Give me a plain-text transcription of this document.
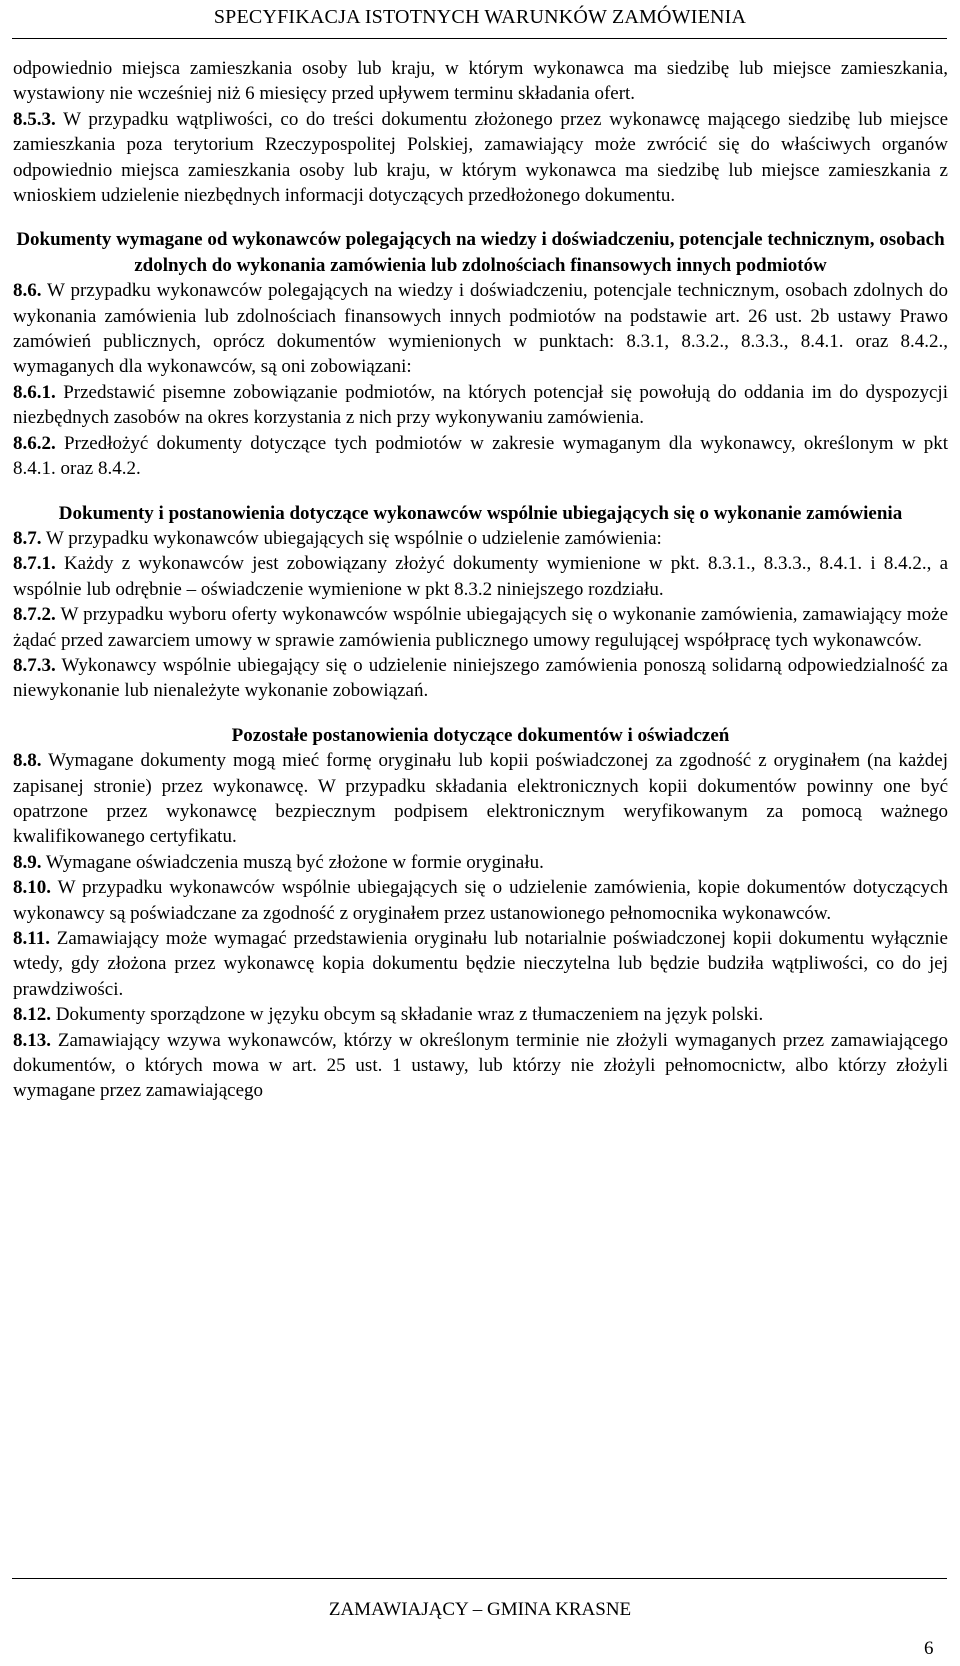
SPECYFIKACJA ISTOTNYCH WARUNKÓW ZAMÓWIENIA

odpowiednio miejsca zamieszkania osoby lub kraju, w którym wykonawca ma siedzibę lub miejsce zamieszkania, wystawiony nie wcześniej niż 6 miesięcy przed upływem terminu składania ofert.

8.5.3. W przypadku wątpliwości, co do treści dokumentu złożonego przez wykonawcę mającego siedzibę lub miejsce zamieszkania poza terytorium Rzeczypospolitej Polskiej, zamawiający może zwrócić się do właściwych organów odpowiednio miejsca zamieszkania osoby lub kraju, w którym wykonawca ma siedzibę lub miejsce zamieszkania z wnioskiem udzielenie niezbędnych informacji dotyczących przedłożonego dokumentu.

Dokumenty wymagane od wykonawców polegających na wiedzy i doświadczeniu, potencjale technicznym, osobach zdolnych do wykonania zamówienia lub zdolnościach finansowych innych podmiotów

8.6. W przypadku wykonawców polegających na wiedzy i doświadczeniu, potencjale technicznym, osobach zdolnych do wykonania zamówienia lub zdolnościach finansowych innych podmiotów na podstawie art. 26 ust. 2b ustawy Prawo zamówień publicznych, oprócz dokumentów wymienionych w punktach: 8.3.1, 8.3.2., 8.3.3., 8.4.1. oraz 8.4.2., wymaganych dla wykonawców, są oni zobowiązani:

8.6.1. Przedstawić pisemne zobowiązanie podmiotów, na których potencjał się powołują do oddania im do dyspozycji niezbędnych zasobów na okres korzystania z nich przy wykonywaniu zamówienia.

8.6.2. Przedłożyć dokumenty dotyczące tych podmiotów w zakresie wymaganym dla wykonawcy, określonym w pkt 8.4.1. oraz 8.4.2.

Dokumenty i postanowienia dotyczące wykonawców wspólnie ubiegających się o wykonanie zamówienia

8.7. W przypadku wykonawców ubiegających się wspólnie o udzielenie zamówienia:

8.7.1. Każdy z wykonawców jest zobowiązany złożyć dokumenty wymienione w pkt. 8.3.1., 8.3.3., 8.4.1. i 8.4.2., a wspólnie lub odrębnie – oświadczenie wymienione w pkt 8.3.2 niniejszego rozdziału.

8.7.2. W przypadku wyboru oferty wykonawców wspólnie ubiegających się o wykonanie zamówienia, zamawiający może żądać przed zawarciem umowy w sprawie zamówienia publicznego umowy regulującej współpracę tych wykonawców.

8.7.3. Wykonawcy wspólnie ubiegający się o udzielenie niniejszego zamówienia ponoszą solidarną odpowiedzialność za niewykonanie lub nienależyte wykonanie zobowiązań.

Pozostałe postanowienia dotyczące dokumentów i oświadczeń

8.8. Wymagane dokumenty mogą mieć formę oryginału lub kopii poświadczonej za zgodność z oryginałem (na każdej zapisanej stronie) przez wykonawcę. W przypadku składania elektronicznych kopii dokumentów powinny one być opatrzone przez wykonawcę bezpiecznym podpisem elektronicznym weryfikowanym za pomocą ważnego kwalifikowanego certyfikatu.

8.9. Wymagane oświadczenia muszą być złożone w formie oryginału.

8.10. W przypadku wykonawców wspólnie ubiegających się o udzielenie zamówienia, kopie dokumentów dotyczących wykonawcy są poświadczane za zgodność z oryginałem przez ustanowionego pełnomocnika wykonawców.

8.11. Zamawiający może wymagać przedstawienia oryginału lub notarialnie poświadczonej kopii dokumentu wyłącznie wtedy, gdy złożona przez wykonawcę kopia dokumentu będzie nieczytelna lub będzie budziła wątpliwości, co do jej prawdziwości.

8.12. Dokumenty sporządzone w języku obcym są składanie wraz z tłumaczeniem na język polski.

8.13. Zamawiający wzywa wykonawców, którzy w określonym terminie nie złożyli wymaganych przez zamawiającego dokumentów, o których mowa w art. 25 ust. 1 ustawy, lub którzy nie złożyli pełnomocnictw, albo którzy złożyli wymagane przez zamawiającego

ZAMAWIAJĄCY – GMINA KRASNE
6
